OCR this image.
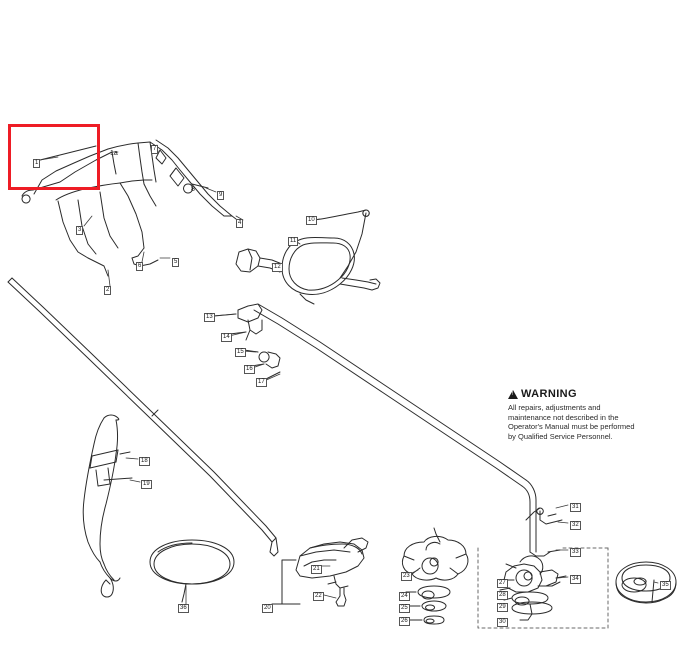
1
1a
7
9
8
4	10
3
6
5
2
12
11
13
14
15
16
17
18
19
31
32
33
34
35
36	20
21
22
23
24
25
26
27
28
29
30
!
WARNING
All repairs, adjustments and maintenance not described in the Operator's Manual must be performed by Qualified Service Personnel.
